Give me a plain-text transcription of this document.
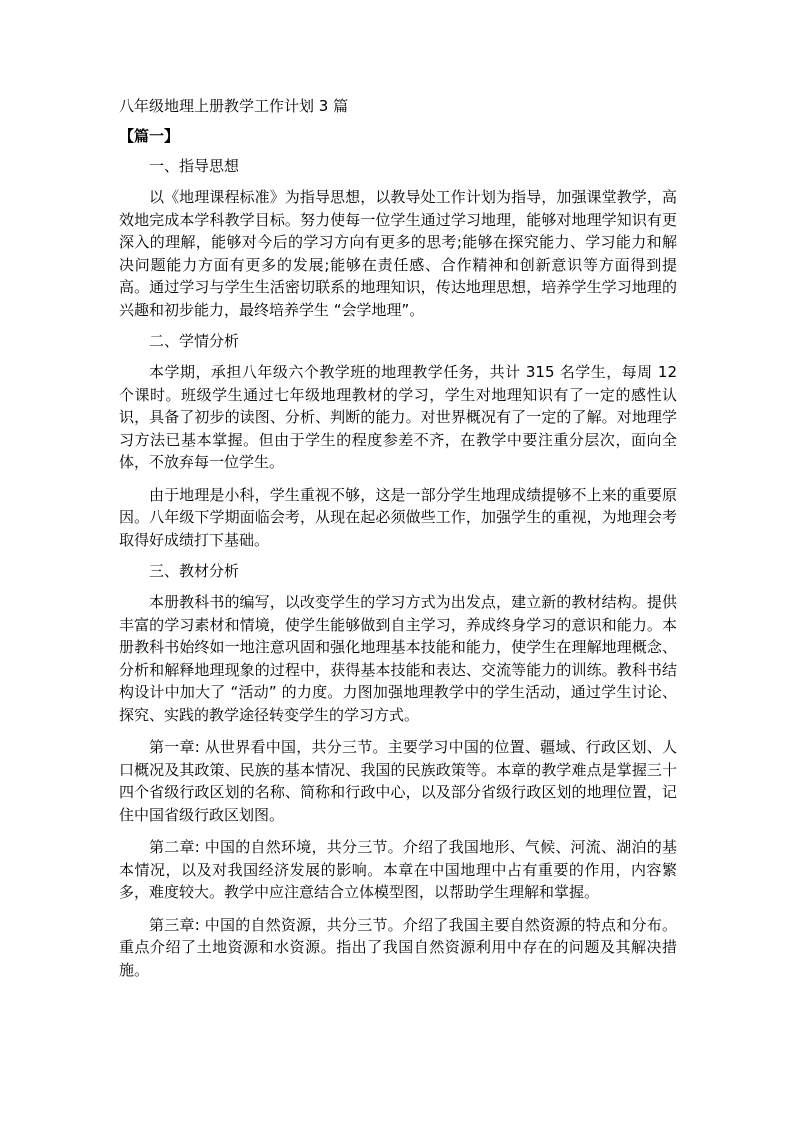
八年级地理上册教学工作计划 3 篇
【篇一】
一、指导思想

以《地理课程标准》为指导思想，以教导处工作计划为指导，加强课堂教学，高效地完成本学科教学目标。努力使每一位学生通过学习地理，能够对地理学知识有更深入的理解，能够对今后的学习方向有更多的思考;能够在探究能力、学习能力和解决问题能力方面有更多的发展;能够在责任感、合作精神和创新意识等方面得到提高。通过学习与学生生活密切联系的地理知识，传达地理思想，培养学生学习地理的兴趣和初步能力，最终培养学生 “会学地理”。

二、学情分析

本学期，承担八年级六个教学班的地理教学任务，共计 315 名学生，每周 12 个课时。班级学生通过七年级地理教材的学习，学生对地理知识有了一定的感性认识，具备了初步的读图、分析、判断的能力。对世界概况有了一定的了解。对地理学习方法已基本掌握。但由于学生的程度参差不齐，在教学中要注重分层次，面向全体，不放弃每一位学生。

由于地理是小科，学生重视不够，这是一部分学生地理成绩提够不上来的重要原因。八年级下学期面临会考，从现在起必须做些工作，加强学生的重视，为地理会考取得好成绩打下基础。

三、教材分析

本册教科书的编写，以改变学生的学习方式为出发点，建立新的教材结构。提供丰富的学习素材和情境，使学生能够做到自主学习，养成终身学习的意识和能力。本册教科书始终如一地注意巩固和强化地理基本技能和能力，使学生在理解地理概念、分析和解释地理现象的过程中，获得基本技能和表达、交流等能力的训练。教科书结构设计中加大了 “活动” 的力度。力图加强地理教学中的学生活动，通过学生讨论、探究、实践的教学途径转变学生的学习方式。

第一章: 从世界看中国，共分三节。主要学习中国的位置、疆域、行政区划、人口概况及其政策、民族的基本情况、我国的民族政策等。本章的教学难点是掌握三十四个省级行政区划的名称、简称和行政中心，以及部分省级行政区划的地理位置，记住中国省级行政区划图。

第二章: 中国的自然环境，共分三节。介绍了我国地形、气候、河流、湖泊的基本情况，以及对我国经济发展的影响。本章在中国地理中占有重要的作用，内容繁多，难度较大。教学中应注意结合立体模型图，以帮助学生理解和掌握。

第三章: 中国的自然资源，共分三节。介绍了我国主要自然资源的特点和分布。重点介绍了土地资源和水资源。指出了我国自然资源利用中存在的问题及其解决措施。
